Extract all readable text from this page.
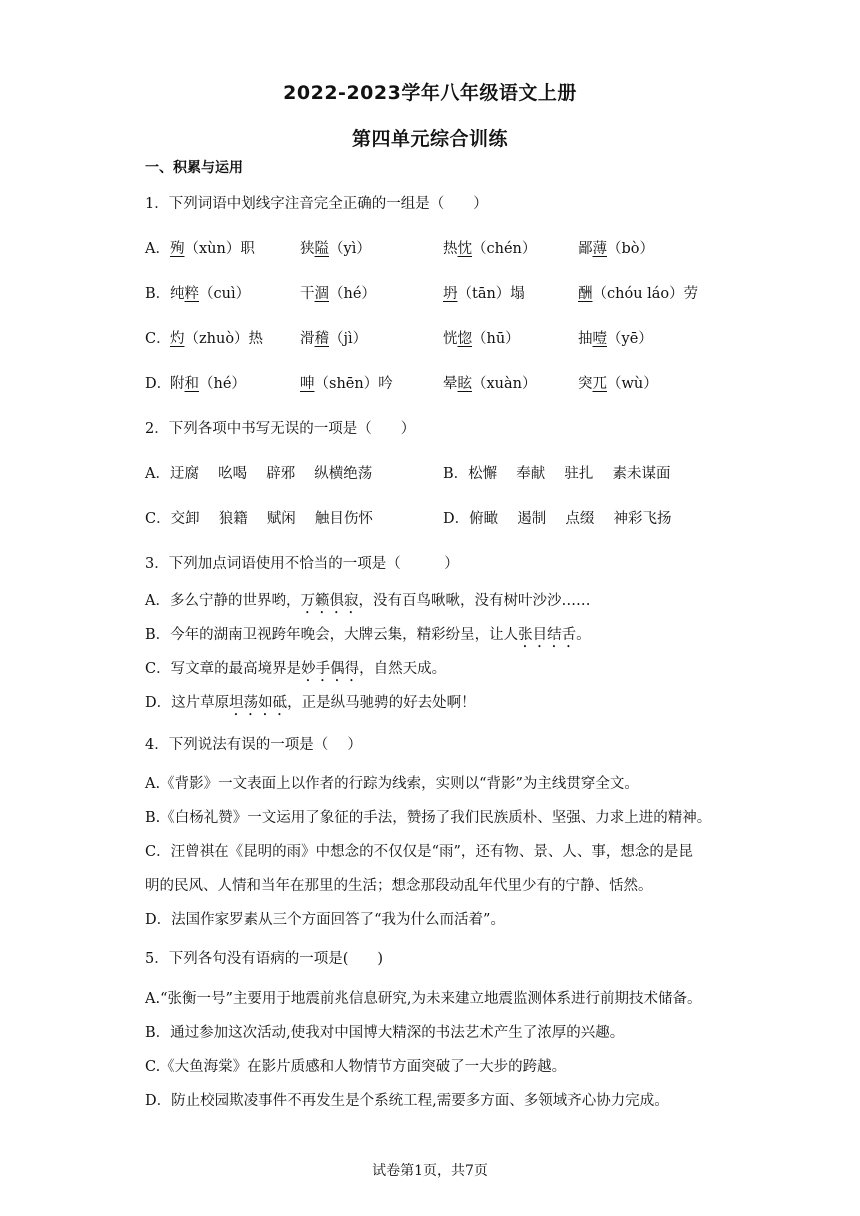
2022-2023学年八年级语文上册
第四单元综合训练
一、积累与运用
1．下列词语中划线字注音完全正确的一组是（　　）
A． 殉（xùn）职	狭隘（yì）	热忱（chén）	鄙薄（bò）
B． 纯粹（cuì）	干涸（hé）	坍（tān）塌	酬（chóu láo）劳
C． 灼（zhuò）热	滑稽（jì）	恍惚（hū）	抽噎（yē）
D．
附和（hé）	呻（shēn）吟	晕眩（xuàn）	突兀（wù）
2．下列各项中书写无误的一项是（　　）
A．迂腐　 吆喝　 辟邪　 纵横绝荡	B．松懈　 奉献　 驻扎　 素未谋面
C．交卸　 狼籍　 赋闲　 触目伤怀	D．俯瞰　 遏制　 点缀　 神彩飞扬
3．下列加点词语使用不恰当的一项是（　　　）
A．多么宁静的世界哟，万籁俱寂，没有百鸟啾啾，没有树叶沙沙……
B．今年的湖南卫视跨年晚会，大牌云集，精彩纷呈，让人张目结舌。
C．写文章的最高境界是妙手偶得，自然天成。
D．这片草原坦荡如砥，正是纵马驰骋的好去处啊！
4．下列说法有误的一项是（　 ）
A.《背影》一文表面上以作者的行踪为线索，实则以“背影”为主线贯穿全文。
B.《白杨礼赞》一文运用了象征的手法，赞扬了我们民族质朴、坚强、力求上进的精神。
C．汪曾祺在《昆明的雨》中想念的不仅仅是“雨”，还有物、景、人、事，想念的是昆
明的民风、人情和当年在那里的生活；想念那段动乱年代里少有的宁静、恬然。
D．法国作家罗素从三个方面回答了“我为什么而活着”。
5．下列各句没有语病的一项是(　　)
A.“张衡一号”主要用于地震前兆信息研究,为未来建立地震监测体系进行前期技术储备。
B．通过参加这次活动,使我对中国博大精深的书法艺术产生了浓厚的兴趣。
C.《大鱼海棠》在影片质感和人物情节方面突破了一大步的跨越。
D．防止校园欺凌事件不再发生是个系统工程,需要多方面、多领域齐心协力完成。
试卷第1页，共7页
